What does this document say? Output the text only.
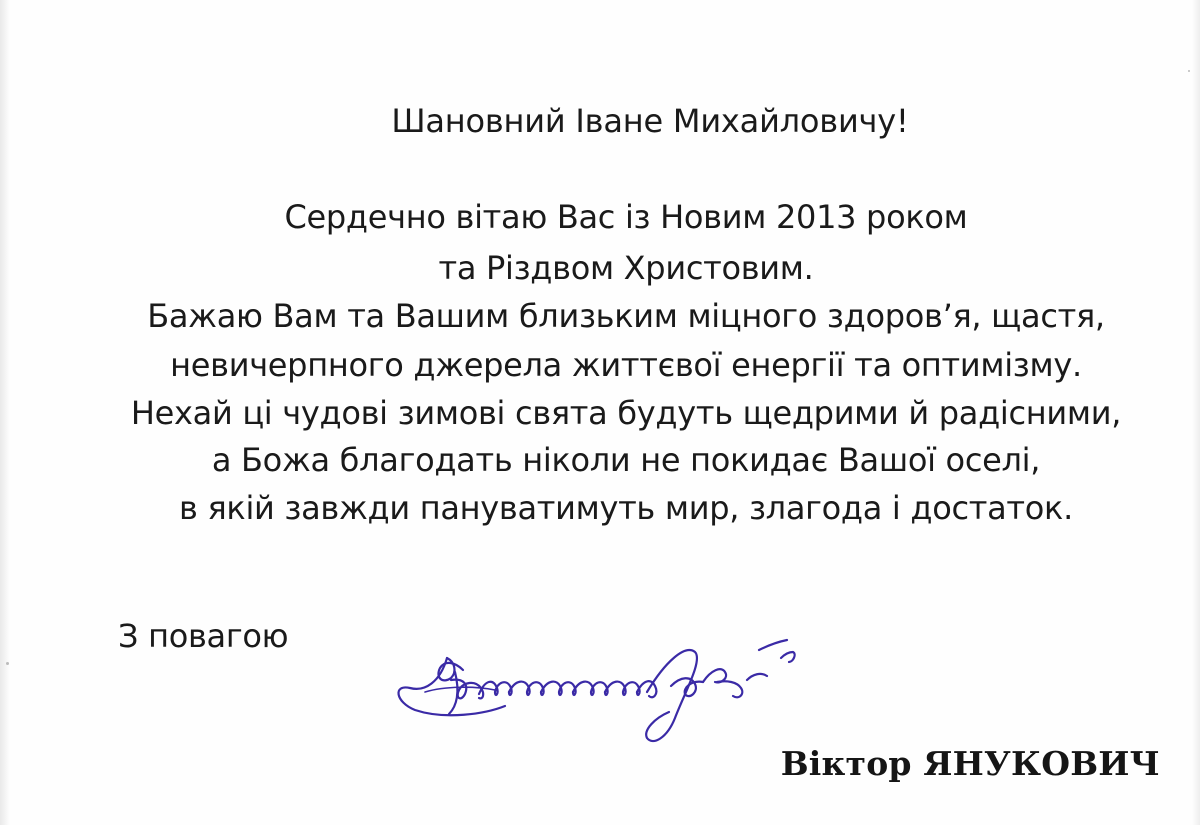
Шановний Іване Михайловичу!
Сердечно вітаю Вас із Новим 2013 роком
та Різдвом Христовим.
Бажаю Вам та Вашим близьким міцного здоров’я, щастя,
невичерпного джерела життєвої енергії та оптимізму.
Нехай ці чудові зимові свята будуть щедрими й радісними,
а Божа благодать ніколи не покидає Вашої оселі,
в якій завжди пануватимуть мир, злагода і достаток.
З повагою
Віктор ЯНУКОВИЧ
